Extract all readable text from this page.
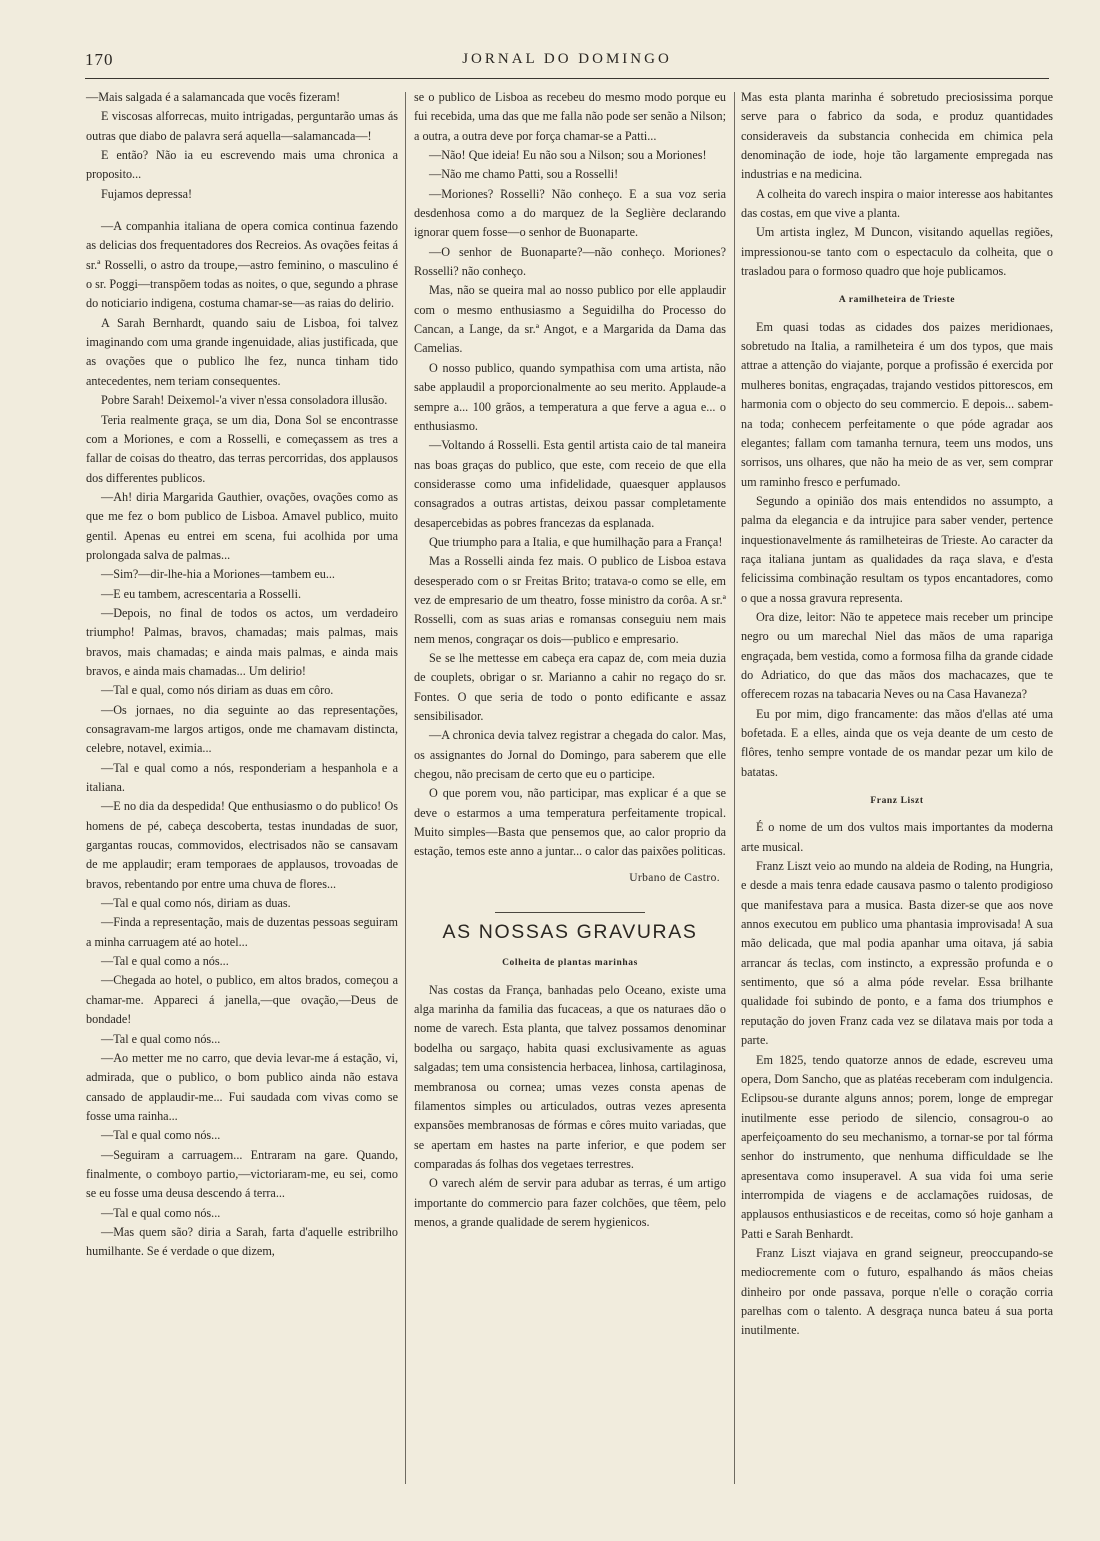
170	JORNAL DO DOMINGO

—Mais salgada é a salamancada que vocês fizeram!

E viscosas alforrecas, muito intrigadas, perguntarão umas ás outras que diabo de palavra será aquella—salamancada—!

E então? Não ia eu escrevendo mais uma chronica a proposito...

Fujamos depressa!

—A companhia italiana de opera comica continua fazendo as delicias dos frequentadores dos Recreios. As ovações feitas á sr.ª Rosselli, o astro da troupe,—astro feminino, o masculino é o sr. Poggi—transpõem todas as noites, o que, segundo a phrase do noticiario indigena, costuma chamar-se—as raias do delirio.

A Sarah Bernhardt, quando saiu de Lisboa, foi talvez imaginando com uma grande ingenuidade, alias justificada, que as ovações que o publico lhe fez, nunca tinham tido antecedentes, nem teriam consequentes.

Pobre Sarah! Deixemol-'a viver n'essa consoladora illusão.

Teria realmente graça, se um dia, Dona Sol se encontrasse com a Moriones, e com a Rosselli, e começassem as tres a fallar de coisas do theatro, das terras percorridas, dos applausos dos differentes publicos.

—Ah! diria Margarida Gauthier, ovações, ovações como as que me fez o bom publico de Lisboa. Amavel publico, muito gentil. Apenas eu entrei em scena, fui acolhida por uma prolongada salva de palmas...

—Sim?—dir-lhe-hia a Moriones—tambem eu...

—E eu tambem, acrescentaria a Rosselli.

—Depois, no final de todos os actos, um verdadeiro triumpho! Palmas, bravos, chamadas; mais palmas, mais bravos, mais chamadas; e ainda mais palmas, e ainda mais bravos, e ainda mais chamadas... Um delirio!

—Tal e qual, como nós diriam as duas em côro.

—Os jornaes, no dia seguinte ao das representações, consagravam-me largos artigos, onde me chamavam distincta, celebre, notavel, eximia...

—Tal e qual como a nós, responderiam a hespanhola e a italiana.

—E no dia da despedida! Que enthusiasmo o do publico! Os homens de pé, cabeça descoberta, testas inundadas de suor, gargantas roucas, commovidos, electrisados não se cansavam de me applaudir; eram temporaes de applausos, trovoadas de bravos, rebentando por entre uma chuva de flores...

—Tal e qual como nós, diriam as duas.

—Finda a representação, mais de duzentas pessoas seguiram a minha carruagem até ao hotel...

—Tal e qual como a nós...

—Chegada ao hotel, o publico, em altos brados, começou a chamar-me. Appareci á janella,—que ovação,—Deus de bondade!

—Tal e qual como nós...

—Ao metter me no carro, que devia levar-me á estação, vi, admirada, que o publico, o bom publico ainda não estava cansado de applaudir-me... Fui saudada com vivas como se fosse uma rainha...

—Tal e qual como nós...

—Seguiram a carruagem... Entraram na gare. Quando, finalmente, o comboyo partio,—victoriaram-me, eu sei, como se eu fosse uma deusa descendo á terra...

—Tal e qual como nós...

—Mas quem são? diria a Sarah, farta d'aquelle estribrilho humilhante. Se é verdade o que dizem,

se o publico de Lisboa as recebeu do mesmo modo porque eu fui recebida, uma das que me falla não pode ser senão a Nilson; a outra, a outra deve por força chamar-se a Patti...

—Não! Que ideia! Eu não sou a Nilson; sou a Moriones!

—Não me chamo Patti, sou a Rosselli!

—Moriones? Rosselli? Não conheço. E a sua voz seria desdenhosa como a do marquez de la Seglière declarando ignorar quem fosse—o senhor de Buonaparte.

—O senhor de Buonaparte?—não conheço. Moriones? Rosselli? não conheço.

Mas, não se queira mal ao nosso publico por elle applaudir com o mesmo enthusiasmo a Seguidilha do Processo do Cancan, a Lange, da sr.ª Angot, e a Margarida da Dama das Camelias.

O nosso publico, quando sympathisa com uma artista, não sabe applaudil a proporcionalmente ao seu merito. Applaude-a sempre a... 100 grãos, a temperatura a que ferve a agua e... o enthusiasmo.

—Voltando á Rosselli. Esta gentil artista caio de tal maneira nas boas graças do publico, que este, com receio de que ella considerasse como uma infidelidade, quaesquer applausos consagrados a outras artistas, deixou passar completamente desapercebidas as pobres francezas da esplanada.

Que triumpho para a Italia, e que humilhação para a França!

Mas a Rosselli ainda fez mais. O publico de Lisboa estava desesperado com o sr Freitas Brito; tratava-o como se elle, em vez de empresario de um theatro, fosse ministro da corôa. A sr.ª Rosselli, com as suas arias e romansas conseguiu nem mais nem menos, congraçar os dois—publico e empresario.

Se se lhe mettesse em cabeça era capaz de, com meia duzia de couplets, obrigar o sr. Marianno a cahir no regaço do sr. Fontes. O que seria de todo o ponto edificante e assaz sensibilisador.

—A chronica devia talvez registrar a chegada do calor. Mas, os assignantes do Jornal do Domingo, para saberem que elle chegou, não precisam de certo que eu o participe.

O que porem vou, não participar, mas explicar é a que se deve o estarmos a uma temperatura perfeitamente tropical. Muito simples—Basta que pensemos que, ao calor proprio da estação, temos este anno a juntar... o calor das paixões politicas.

Urbano de Castro.
AS NOSSAS GRAVURAS
Colheita de plantas marinhas

Nas costas da França, banhadas pelo Oceano, existe uma alga marinha da familia das fucaceas, a que os naturaes dão o nome de varech. Esta planta, que talvez possamos denominar bodelha ou sargaço, habita quasi exclusivamente as aguas salgadas; tem uma consistencia herbacea, linhosa, cartilaginosa, membranosa ou cornea; umas vezes consta apenas de filamentos simples ou articulados, outras vezes apresenta expansões membranosas de fórmas e côres muito variadas, que se apertam em hastes na parte inferior, e que podem ser comparadas ás folhas dos vegetaes terrestres.

O varech além de servir para adubar as terras, é um artigo importante do commercio para fazer colchões, que têem, pelo menos, a grande qualidade de serem hygienicos.

Mas esta planta marinha é sobretudo preciosissima porque serve para o fabrico da soda, e produz quantidades consideraveis da substancia conhecida em chimica pela denominação de iode, hoje tão largamente empregada nas industrias e na medicina.

A colheita do varech inspira o maior interesse aos habitantes das costas, em que vive a planta.

Um artista inglez, M Duncon, visitando aquellas regiões, impressionou-se tanto com o espectaculo da colheita, que o trasladou para o formoso quadro que hoje publicamos.

A ramilheteira de Trieste

Em quasi todas as cidades dos paizes meridionaes, sobretudo na Italia, a ramilheteira é um dos typos, que mais attrae a attenção do viajante, porque a profissão é exercida por mulheres bonitas, engraçadas, trajando vestidos pittorescos, em harmonia com o objecto do seu commercio. E depois... sabem-na toda; conhecem perfeitamente o que póde agradar aos elegantes; fallam com tamanha ternura, teem uns modos, uns sorrisos, uns olhares, que não ha meio de as ver, sem comprar um raminho fresco e perfumado.

Segundo a opinião dos mais entendidos no assumpto, a palma da elegancia e da intrujice para saber vender, pertence inquestionavelmente ás ramilheteiras de Trieste. Ao caracter da raça italiana juntam as qualidades da raça slava, e d'esta felicissima combinação resultam os typos encantadores, como o que a nossa gravura representa.

Ora dize, leitor: Não te appetece mais receber um principe negro ou um marechal Niel das mãos de uma rapariga engraçada, bem vestida, como a formosa filha da grande cidade do Adriatico, do que das mãos dos machacazes, que te offerecem rozas na tabacaria Neves ou na Casa Havaneza?

Eu por mim, digo francamente: das mãos d'ellas até uma bofetada. E a elles, ainda que os veja deante de um cesto de flôres, tenho sempre vontade de os mandar pezar um kilo de batatas.

Franz Liszt

É o nome de um dos vultos mais importantes da moderna arte musical.

Franz Liszt veio ao mundo na aldeia de Roding, na Hungria, e desde a mais tenra edade causava pasmo o talento prodigioso que manifestava para a musica. Basta dizer-se que aos nove annos executou em publico uma phantasia improvisada! A sua mão delicada, que mal podia apanhar uma oitava, já sabia arrancar ás teclas, com instincto, a expressão profunda e o sentimento, que só a alma póde revelar. Essa brilhante qualidade foi subindo de ponto, e a fama dos triumphos e reputação do joven Franz cada vez se dilatava mais por toda a parte.

Em 1825, tendo quatorze annos de edade, escreveu uma opera, Dom Sancho, que as platéas receberam com indulgencia. Eclipsou-se durante alguns annos; porem, longe de empregar inutilmente esse periodo de silencio, consagrou-o ao aperfeiçoamento do seu mechanismo, a tornar-se por tal fórma senhor do instrumento, que nenhuma difficuldade se lhe apresentava como insuperavel. A sua vida foi uma serie interrompida de viagens e de acclamações ruidosas, de applausos enthusiasticos e de receitas, como só hoje ganham a Patti e Sarah Benhardt.

Franz Liszt viajava en grand seigneur, preoccupando-se mediocremente com o futuro, espalhando ás mãos cheias dinheiro por onde passava, porque n'elle o coração corria parelhas com o talento. A desgraça nunca bateu á sua porta inutilmente.
